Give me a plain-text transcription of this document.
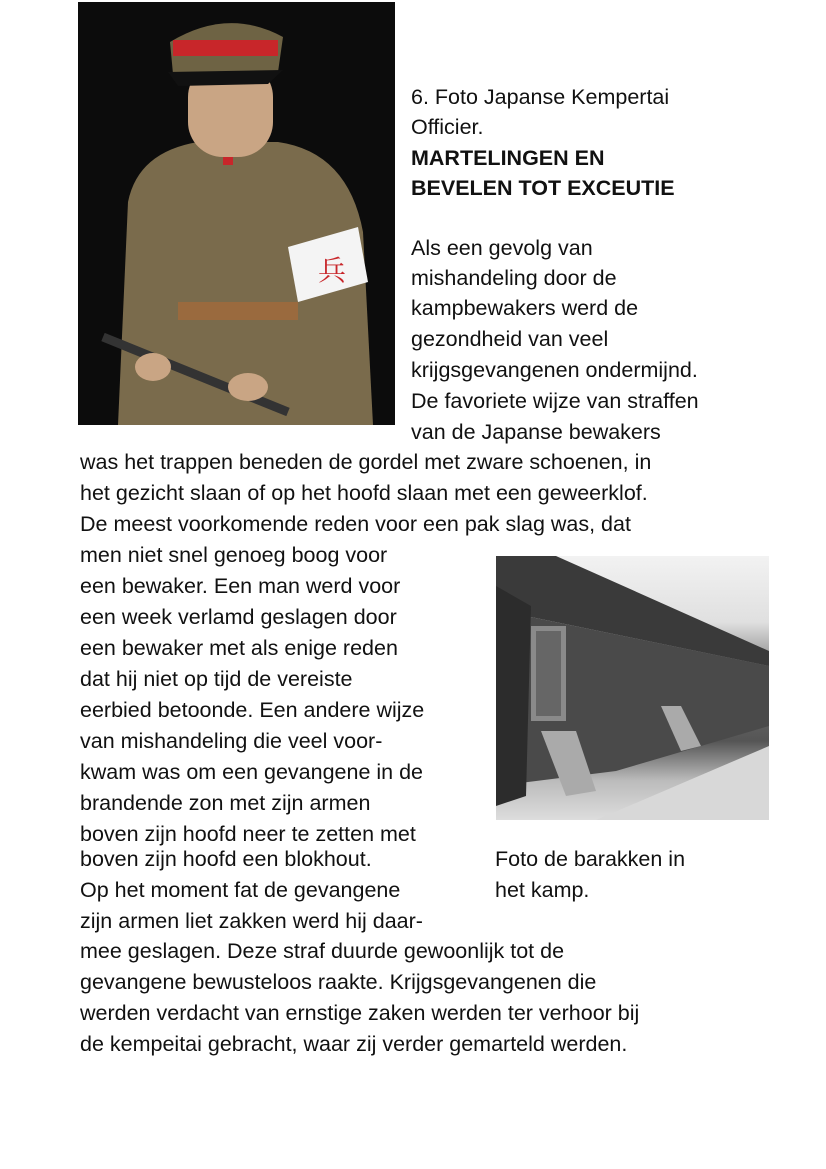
兵
6. Foto Japanse Kempertai
Officier.
MARTELINGEN EN
BEVELEN TOT EXCEUTIE
Als een gevolg van
mishandeling door de
kampbewakers werd de
gezondheid van veel
krijgsgevangenen ondermijnd.
De favoriete wijze van straffen
van de Japanse bewakers
was het trappen beneden de gordel met zware schoenen, in
het gezicht slaan of op het hoofd slaan met een geweerklof.
De meest voorkomende reden voor een pak slag was, dat
men niet snel genoeg boog voor
een bewaker. Een man werd voor
een week verlamd geslagen door
een bewaker met als enige reden
dat hij niet op tijd de vereiste
eerbied betoonde. Een andere wijze
van mishandeling die veel voor-
kwam was om een gevangene in de
brandende zon met zijn armen
boven zijn hoofd neer te zetten met
boven zijn hoofd een blokhout.
Op het moment fat de gevangene
zijn armen liet zakken werd hij daar-
Foto de barakken in
het kamp.
mee geslagen. Deze straf duurde gewoonlijk tot de
gevangene bewusteloos raakte. Krijgsgevangenen die
werden verdacht van ernstige zaken werden ter verhoor bij
de kempeitai gebracht, waar zij verder gemarteld werden.
